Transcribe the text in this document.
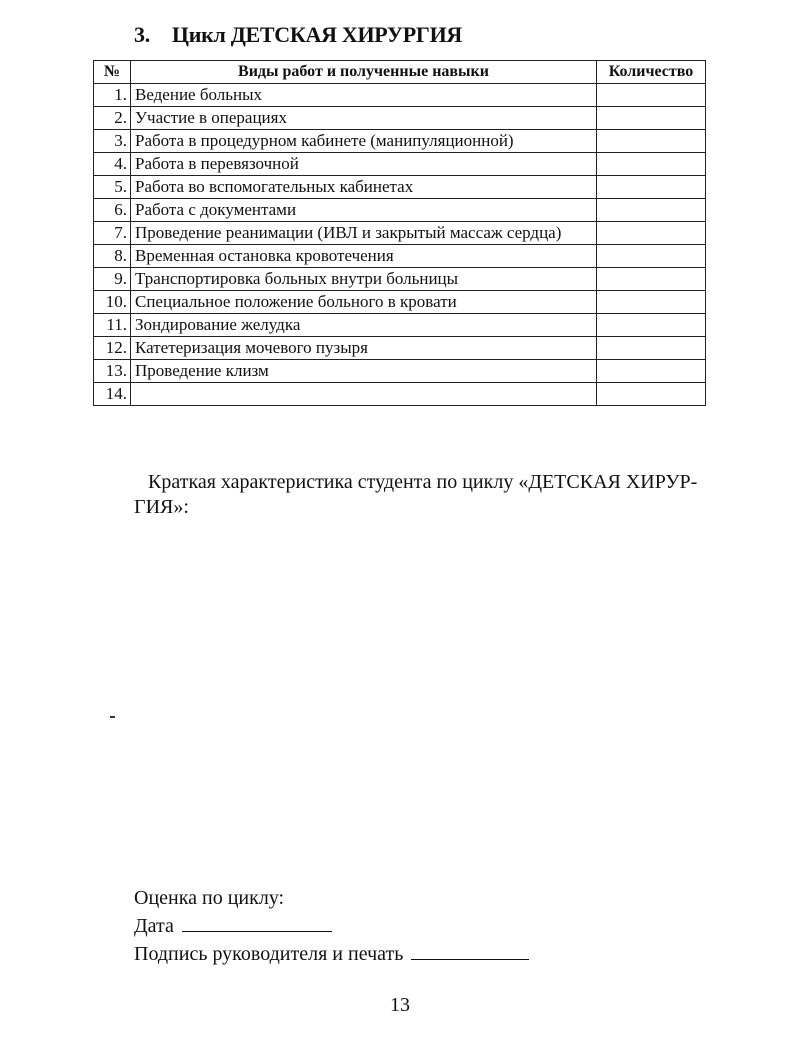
3. Цикл ДЕТСКАЯ ХИРУРГИЯ
№	Виды работ и полученные навыки	Количество
1.	Ведение больных	
2.	Участие в операциях	
3.	Работа в процедурном кабинете (манипуляционной)	
4.	Работа в перевязочной	
5.	Работа во вспомогательных кабинетах	
6.	Работа с документами	
7.	Проведение реанимации (ИВЛ и закрытый массаж сердца)	
8.	Временная остановка кровотечения	
9.	Транспортировка больных внутри больницы	
10.	Специальное положение больного в кровати	
11.	Зондирование желудка	
12.	Катетеризация мочевого пузыря	
13.	Проведение клизм	
14.		
Краткая характеристика студента по циклу «ДЕТСКАЯ ХИРУР-ГИЯ»:
Оценка по циклу:
Дата
Подпись руководителя и печать
13
